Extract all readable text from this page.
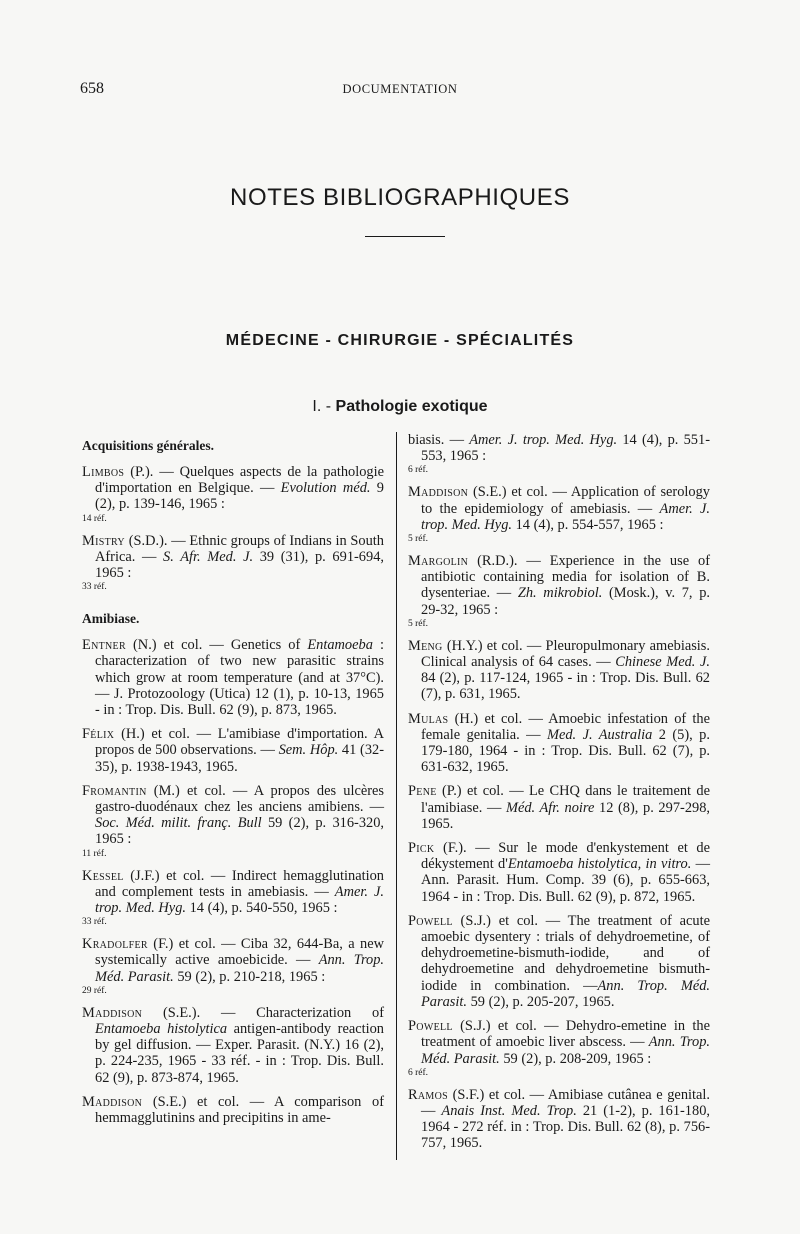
658	DOCUMENTATION
NOTES BIBLIOGRAPHIQUES
MÉDECINE - CHIRURGIE - SPÉCIALITÉS
I. - Pathologie exotique
Acquisitions générales.
Limbos (P.). — Quelques aspects de la pathologie d'importation en Belgique. — Evolution méd. 9 (2), p. 139-146, 1965 :
14 réf.
Mistry (S.D.). — Ethnic groups of Indians in South Africa. — S. Afr. Med. J. 39 (31), p. 691-694, 1965 :
33 réf.
Amibiase.
Entner (N.) et col. — Genetics of Entamoeba : characterization of two new parasitic strains which grow at room temperature (and at 37°C). — J. Protozoology (Utica) 12 (1), p. 10-13, 1965 - in : Trop. Dis. Bull. 62 (9), p. 873, 1965.
Félix (H.) et col. — L'amibiase d'importation. A propos de 500 observations. — Sem. Hôp. 41 (32-35), p. 1938-1943, 1965.
Fromantin (M.) et col. — A propos des ulcères gastro-duodénaux chez les anciens amibiens. — Soc. Méd. milit. franç. Bull 59 (2), p. 316-320, 1965 :
11 réf.
Kessel (J.F.) et col. — Indirect hemagglutination and complement tests in amebiasis. — Amer. J. trop. Med. Hyg. 14 (4), p. 540-550, 1965 :
33 réf.
Kradolfer (F.) et col. — Ciba 32, 644-Ba, a new systemically active amoebicide. — Ann. Trop. Méd. Parasit. 59 (2), p. 210-218, 1965 :
29 réf.
Maddison (S.E.). — Characterization of Entamoeba histolytica antigen-antibody reaction by gel diffusion. — Exper. Parasit. (N.Y.) 16 (2), p. 224-235, 1965 - 33 réf. - in : Trop. Dis. Bull. 62 (9), p. 873-874, 1965.
Maddison (S.E.) et col. — A comparison of hemmagglutinins and precipitins in ame-
biasis. — Amer. J. trop. Med. Hyg. 14 (4), p. 551-553, 1965 :
6 réf.
Maddison (S.E.) et col. — Application of serology to the epidemiology of amebiasis. — Amer. J. trop. Med. Hyg. 14 (4), p. 554-557, 1965 :
5 réf.
Margolin (R.D.). — Experience in the use of antibiotic containing media for isolation of B. dysenteriae. — Zh. mikrobiol. (Mosk.), v. 7, p. 29-32, 1965 :
5 réf.
Meng (H.Y.) et col. — Pleuropulmonary amebiasis. Clinical analysis of 64 cases. — Chinese Med. J. 84 (2), p. 117-124, 1965 - in : Trop. Dis. Bull. 62 (7), p. 631, 1965.
Mulas (H.) et col. — Amoebic infestation of the female genitalia. — Med. J. Australia 2 (5), p. 179-180, 1964 - in : Trop. Dis. Bull. 62 (7), p. 631-632, 1965.
Pene (P.) et col. — Le CHQ dans le traitement de l'amibiase. — Méd. Afr. noire 12 (8), p. 297-298, 1965.
Pick (F.). — Sur le mode d'enkystement et de dékystement d'Entamoeba histolytica, in vitro. — Ann. Parasit. Hum. Comp. 39 (6), p. 655-663, 1964 - in : Trop. Dis. Bull. 62 (9), p. 872, 1965.
Powell (S.J.) et col. — The treatment of acute amoebic dysentery : trials of dehydroemetine, of dehydroemetine-bismuth-iodide, and of dehydroemetine and dehydroemetine bismuth-iodide in combination. —Ann. Trop. Méd. Parasit. 59 (2), p. 205-207, 1965.
Powell (S.J.) et col. — Dehydro-emetine in the treatment of amoebic liver abscess. — Ann. Trop. Méd. Parasit. 59 (2), p. 208-209, 1965 :
6 réf.
Ramos (S.F.) et col. — Amibiase cutânea e genital. — Anais Inst. Med. Trop. 21 (1-2), p. 161-180, 1964 - 272 réf. in : Trop. Dis. Bull. 62 (8), p. 756-757, 1965.
